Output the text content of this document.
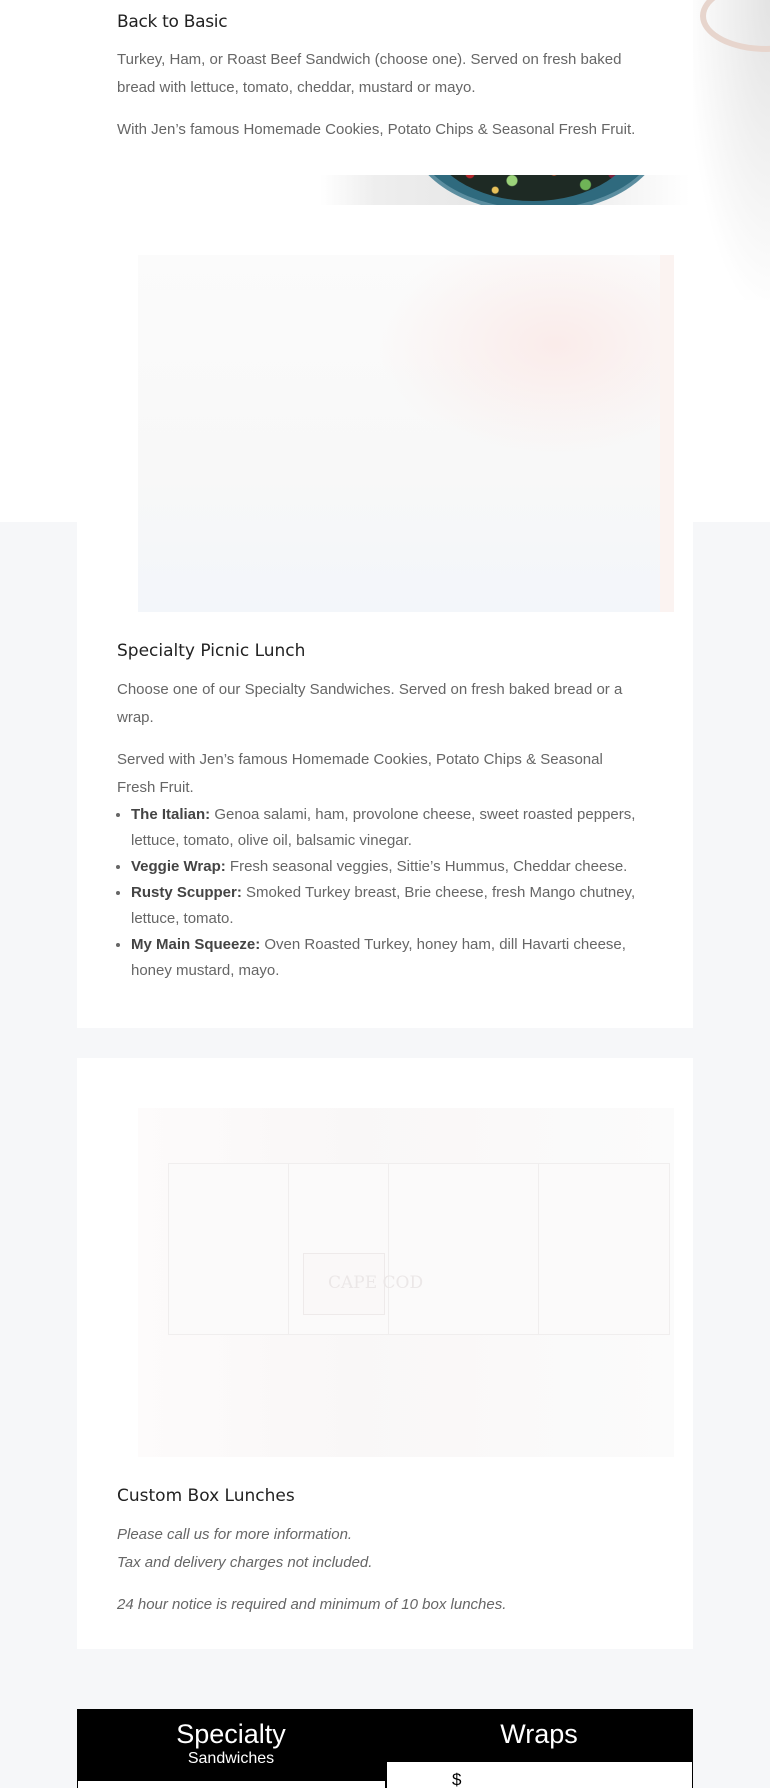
Back to Basic

Turkey, Ham, or Roast Beef Sandwich (choose one). Served on fresh baked bread with lettuce, tomato, cheddar, mustard or mayo.

With Jen’s famous Homemade Cookies, Potato Chips & Seasonal Fresh Fruit.

Specialty Picnic Lunch

Choose one of our Specialty Sandwiches. Served on fresh baked bread or a wrap.

Served with Jen’s famous Homemade Cookies, Potato Chips & Seasonal Fresh Fruit.

• The Italian: Genoa salami, ham, provolone cheese, sweet roasted peppers, lettuce, tomato, olive oil, balsamic vinegar.
• Veggie Wrap: Fresh seasonal veggies, Sittie’s Hummus, Cheddar cheese.
• Rusty Scupper: Smoked Turkey breast, Brie cheese, fresh Mango chutney, lettuce, tomato.
• My Main Squeeze: Oven Roasted Turkey, honey ham, dill Havarti cheese, honey mustard, mayo.
CAPE COD
Custom Box Lunches

Please call us for more information.

Tax and delivery charges not included.

24 hour notice is required and minimum of 10 box lunches.

Specialty
Sandwiches
Wraps
$
